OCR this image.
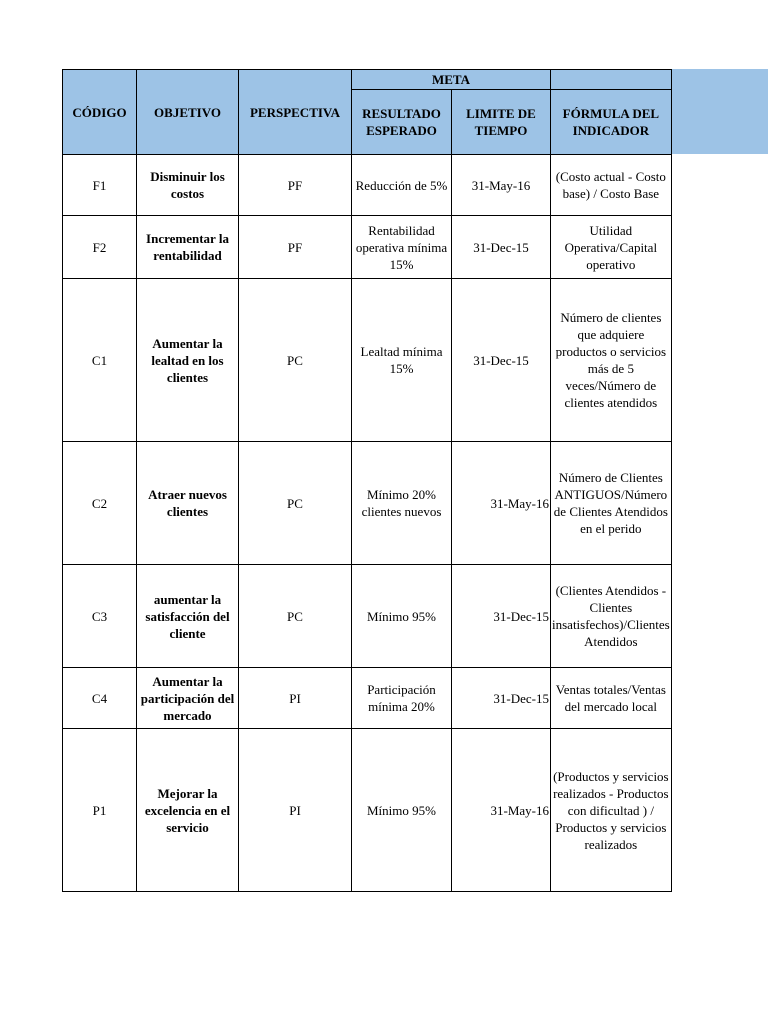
CÓDIGO	OBJETIVO	PERSPECTIVA	META		
			RESULTADO ESPERADO	LIMITE DE TIEMPO	FÓRMULA DEL INDICADOR
F1	Disminuir los costos	PF	Reducción de 5%	31-May-16	(Costo actual - Costo base) / Costo Base
F2	Incrementar la rentabilidad	PF	Rentabilidad operativa mínima 15%	31-Dec-15	Utilidad Operativa/Capital operativo
C1	Aumentar la lealtad en los clientes	PC	Lealtad mínima 15%	31-Dec-15	Número de clientes que adquiere productos o servicios más de 5 veces/Número de clientes atendidos
C2	Atraer nuevos clientes	PC	Mínimo 20% clientes nuevos	31-May-16	Número de Clientes ANTIGUOS/Número de Clientes Atendidos en el perido
C3	aumentar la satisfacción del cliente	PC	Mínimo 95%	31-Dec-15	(Clientes Atendidos - Clientes insatisfechos)/Clientes Atendidos
C4	Aumentar la participación del mercado	PI	Participación mínima 20%	31-Dec-15	Ventas totales/Ventas del mercado local
P1	Mejorar la excelencia en el servicio	PI	Mínimo 95%	31-May-16	(Productos y servicios realizados - Productos con dificultad ) / Productos y servicios realizados
